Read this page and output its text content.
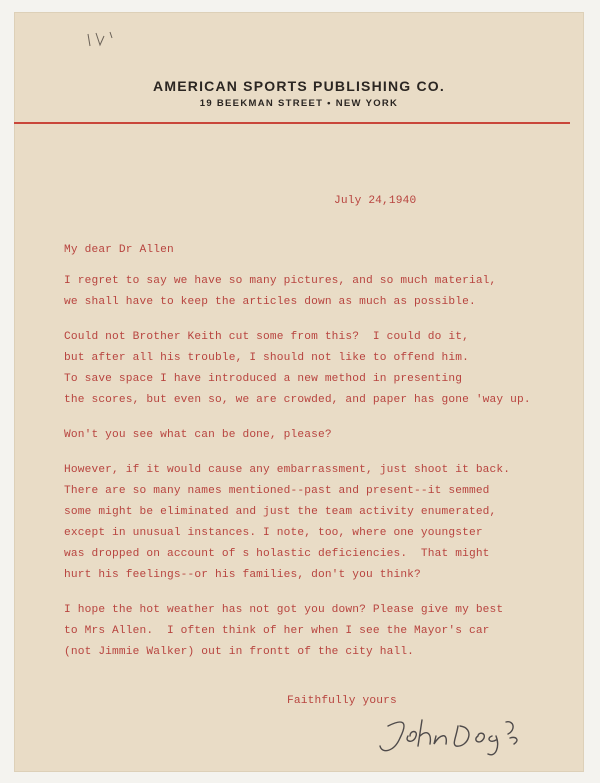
AMERICAN SPORTS PUBLISHING CO.
19 BEEKMAN STREET • NEW YORK
July 24,1940
My dear Dr Allen
I regret to say we have so many pictures, and so much material,
we shall have to keep the articles down as much as possible.
Could not Brother Keith cut some from this?  I could do it,
but after all his trouble, I should not like to offend him.
To save space I have introduced a new method in presenting
the scores, but even so, we are crowded, and paper has gone 'way up.
Won't you see what can be done, please?
However, if it would cause any embarrassment, just shoot it back.
There are so many names mentioned--past and present--it semmed
some might be eliminated and just the team activity enumerated,
except in unusual instances. I note, too, where one youngster
was dropped on account of s holastic deficiencies.  That might
hurt his feelings--or his families, don't you think?
I hope the hot weather has not got you down? Please give my best
to Mrs Allen.  I often think of her when I see the Mayor's car
(not Jimmie Walker) out in frontt of the city hall.
Faithfully yours
